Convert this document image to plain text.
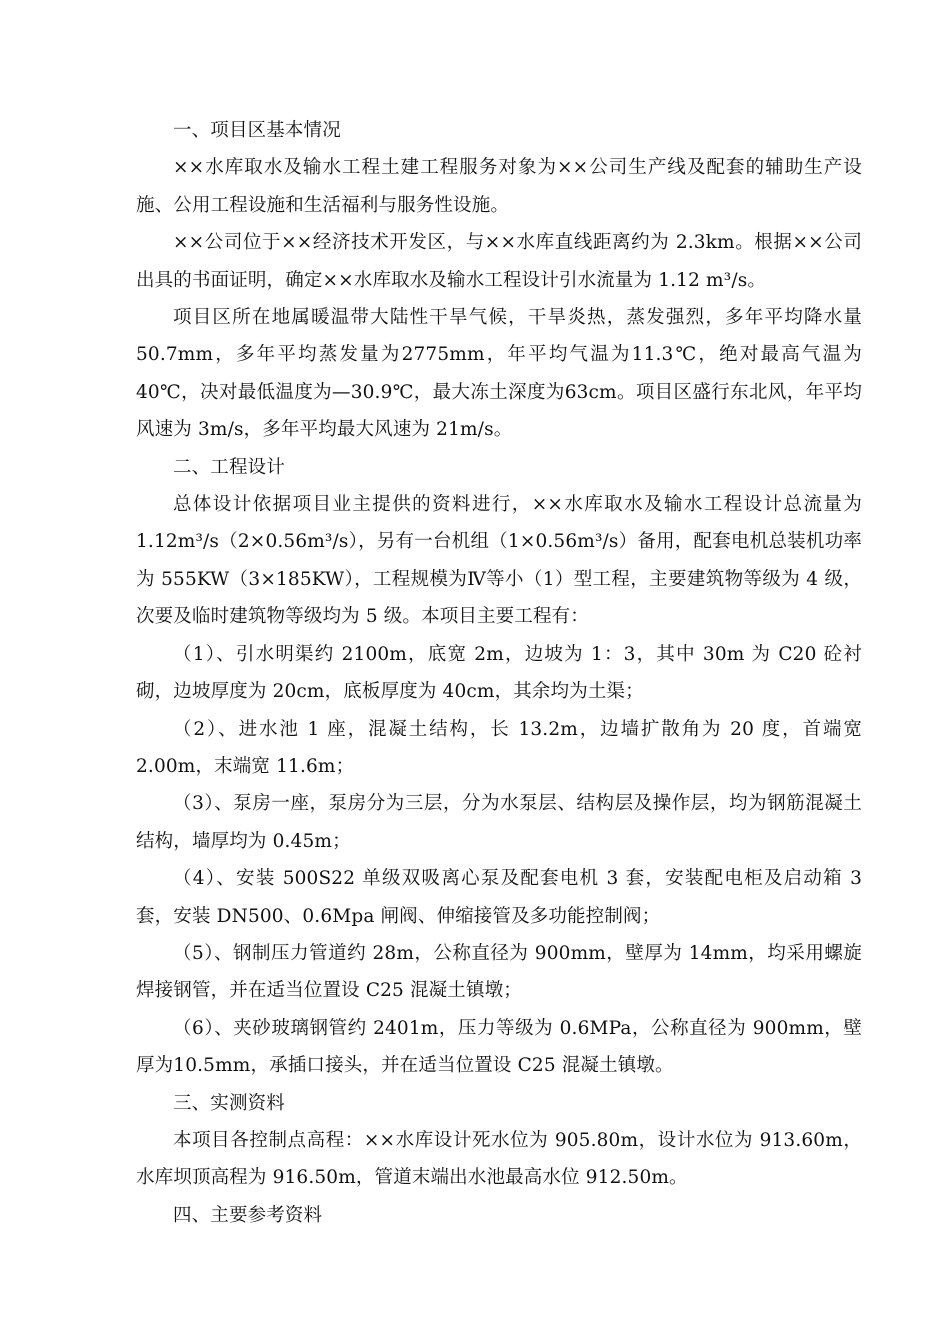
一、项目区基本情况

××水库取水及输水工程土建工程服务对象为××公司生产线及配套的辅助生产设施、公用工程设施和生活福利与服务性设施。

××公司位于××经济技术开发区，与××水库直线距离约为 2.3km。根据××公司出具的书面证明，确定××水库取水及输水工程设计引水流量为 1.12 m³/s。

项目区所在地属暖温带大陆性干旱气候，干旱炎热，蒸发强烈，多年平均降水量50.7mm，多年平均蒸发量为2775mm，年平均气温为11.3℃，绝对最高气温为40℃，决对最低温度为—30.9℃，最大冻土深度为63cm。项目区盛行东北风，年平均风速为 3m/s，多年平均最大风速为 21m/s。

二、工程设计

总体设计依据项目业主提供的资料进行，××水库取水及输水工程设计总流量为1.12m³/s（2×0.56m³/s），另有一台机组（1×0.56m³/s）备用，配套电机总装机功率为 555KW（3×185KW），工程规模为Ⅳ等小（1）型工程，主要建筑物等级为 4 级，次要及临时建筑物等级均为 5 级。本项目主要工程有：

（1）、引水明渠约 2100m，底宽 2m，边坡为 1：3，其中 30m 为 C20 砼衬砌，边坡厚度为 20cm，底板厚度为 40cm，其余均为土渠；

（2）、进水池 1 座，混凝土结构，长 13.2m，边墙扩散角为 20 度，首端宽 2.00m，末端宽 11.6m；

（3）、泵房一座，泵房分为三层，分为水泵层、结构层及操作层，均为钢筋混凝土结构，墙厚均为 0.45m；

（4）、安装 500S22 单级双吸离心泵及配套电机 3 套，安装配电柜及启动箱 3 套，安装 DN500、0.6Mpa 闸阀、伸缩接管及多功能控制阀；

（5）、钢制压力管道约 28m，公称直径为 900mm，壁厚为 14mm，均采用螺旋焊接钢管，并在适当位置设 C25 混凝土镇墩；

（6）、夹砂玻璃钢管约 2401m，压力等级为 0.6MPa，公称直径为 900mm，壁厚为10.5mm，承插口接头，并在适当位置设 C25 混凝土镇墩。

三、实测资料

本项目各控制点高程：××水库设计死水位为 905.80m，设计水位为 913.60m，水库坝顶高程为 916.50m，管道末端出水池最高水位 912.50m。

四、主要参考资料
